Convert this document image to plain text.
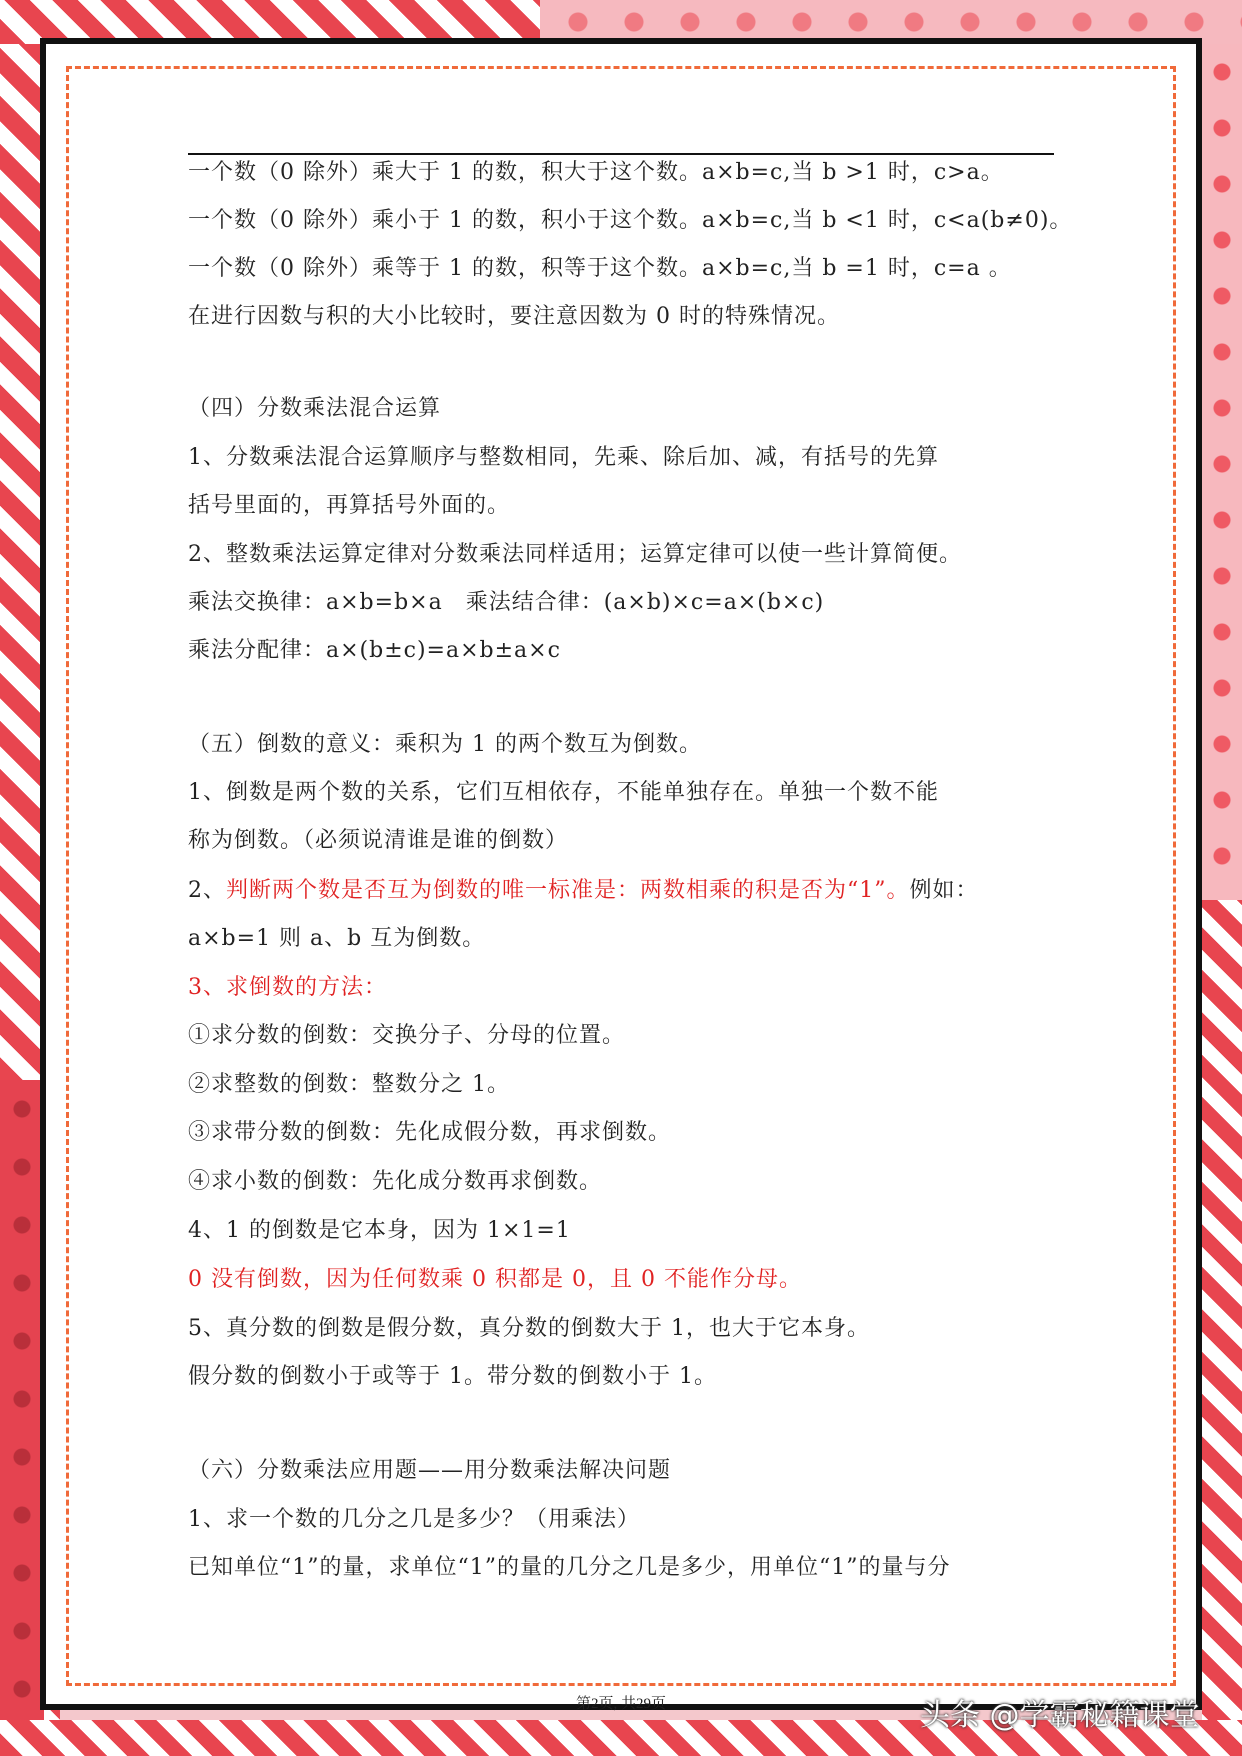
一个数（0 除外）乘大于 1 的数，积大于这个数。a×b=c,当 b >1 时，c>a。
一个数（0 除外）乘小于 1 的数，积小于这个数。a×b=c,当 b <1 时，c<a(b≠0)。
一个数（0 除外）乘等于 1 的数，积等于这个数。a×b=c,当 b =1 时，c=a 。
在进行因数与积的大小比较时，要注意因数为 0 时的特殊情况。
（四）分数乘法混合运算
1、分数乘法混合运算顺序与整数相同，先乘、除后加、减，有括号的先算
括号里面的，再算括号外面的。
2、整数乘法运算定律对分数乘法同样适用；运算定律可以使一些计算简便。
乘法交换律：a×b=b×a　乘法结合律：(a×b)×c=a×(b×c)
乘法分配律：a×(b±c)=a×b±a×c
（五）倒数的意义：乘积为 1 的两个数互为倒数。
1、倒数是两个数的关系，它们互相依存，不能单独存在。单独一个数不能
称为倒数。（必须说清谁是谁的倒数）
2、判断两个数是否互为倒数的唯一标准是：两数相乘的积是否为“1”。例如：
a×b=1 则 a、b 互为倒数。
3、求倒数的方法：
①求分数的倒数：交换分子、分母的位置。
②求整数的倒数：整数分之 1。
③求带分数的倒数：先化成假分数，再求倒数。
④求小数的倒数：先化成分数再求倒数。
4、1 的倒数是它本身，因为 1×1=1
0 没有倒数，因为任何数乘 0 积都是 0，且 0 不能作分母。
5、真分数的倒数是假分数，真分数的倒数大于 1，也大于它本身。
假分数的倒数小于或等于 1。带分数的倒数小于 1。
（六）分数乘法应用题——用分数乘法解决问题
1、求一个数的几分之几是多少？（用乘法）
已知单位“1”的量，求单位“1”的量的几分之几是多少，用单位“1”的量与分
第2页, 共29页	头条 @学霸秘籍课堂
